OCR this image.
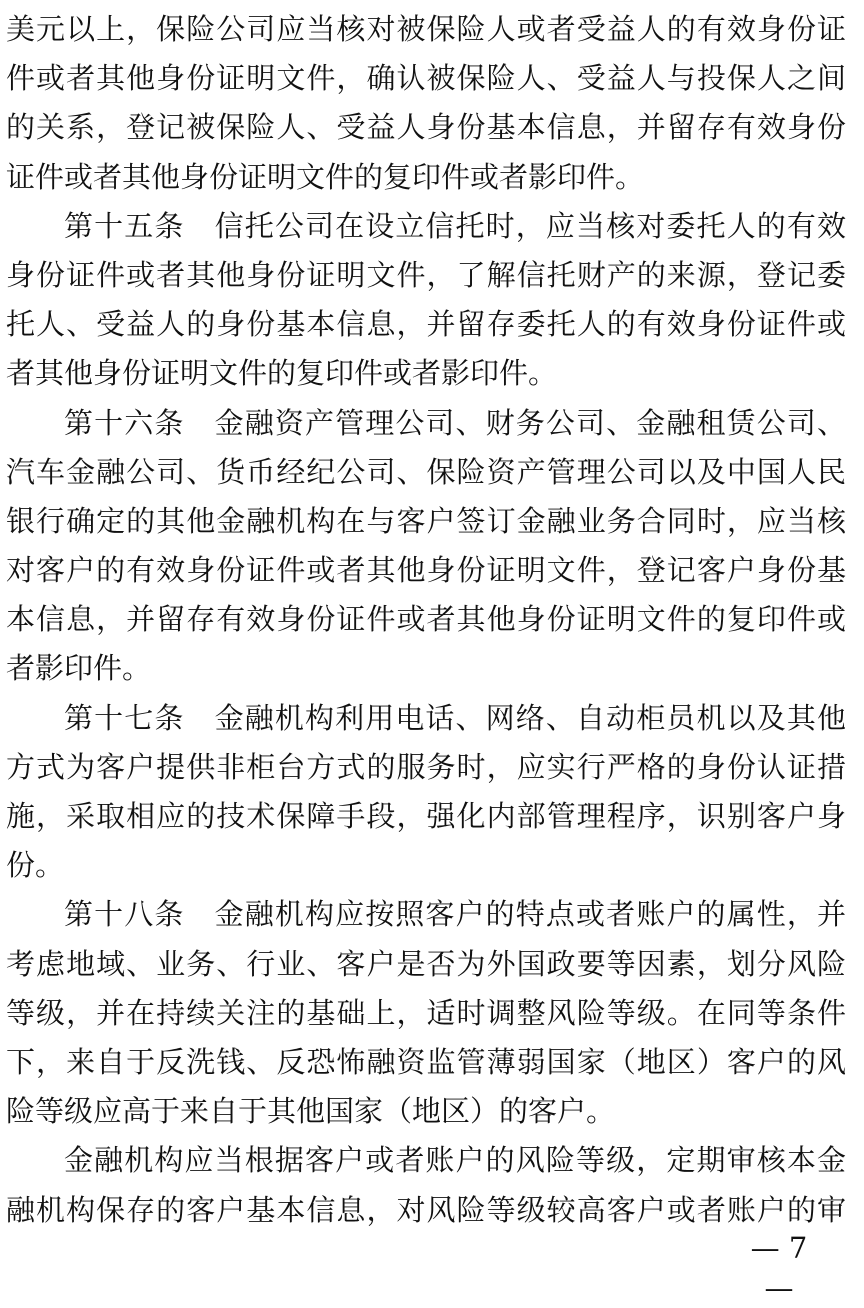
美元以上，保险公司应当核对被保险人或者受益人的有效身份证
件或者其他身份证明文件，确认被保险人、受益人与投保人之间
的关系，登记被保险人、受益人身份基本信息，并留存有效身份
证件或者其他身份证明文件的复印件或者影印件。
第十五条　信托公司在设立信托时，应当核对委托人的有效
身份证件或者其他身份证明文件，了解信托财产的来源，登记委
托人、受益人的身份基本信息，并留存委托人的有效身份证件或
者其他身份证明文件的复印件或者影印件。
第十六条　金融资产管理公司、财务公司、金融租赁公司、
汽车金融公司、货币经纪公司、保险资产管理公司以及中国人民
银行确定的其他金融机构在与客户签订金融业务合同时，应当核
对客户的有效身份证件或者其他身份证明文件，登记客户身份基
本信息，并留存有效身份证件或者其他身份证明文件的复印件或
者影印件。
第十七条　金融机构利用电话、网络、自动柜员机以及其他
方式为客户提供非柜台方式的服务时，应实行严格的身份认证措
施，采取相应的技术保障手段，强化内部管理程序，识别客户身
份。
第十八条　金融机构应按照客户的特点或者账户的属性，并
考虑地域、业务、行业、客户是否为外国政要等因素，划分风险
等级，并在持续关注的基础上，适时调整风险等级。在同等条件
下，来自于反洗钱、反恐怖融资监管薄弱国家（地区）客户的风
险等级应高于来自于其他国家（地区）的客户。
金融机构应当根据客户或者账户的风险等级，定期审核本金
融机构保存的客户基本信息，对风险等级较高客户或者账户的审
— 7 —
